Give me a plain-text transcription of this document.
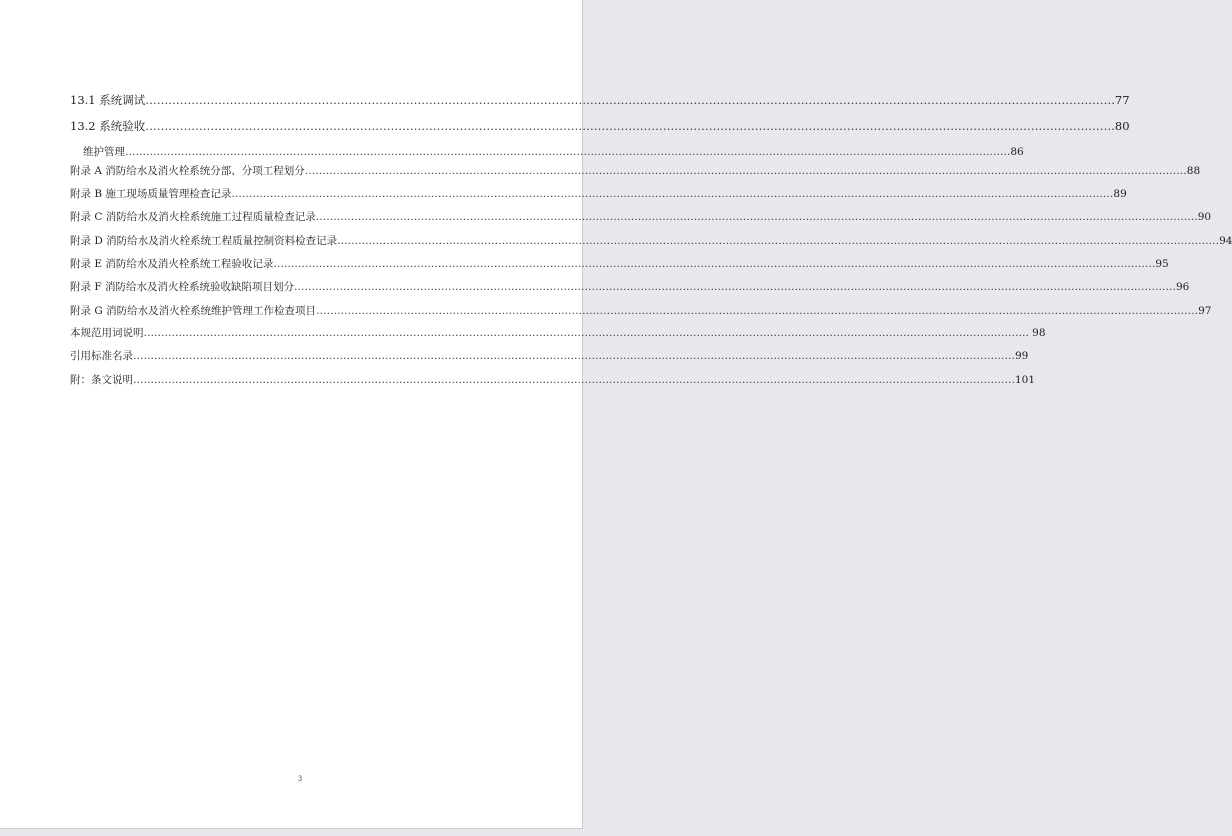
13.1 系统调试 ……………………………………………………………………………………………………………………………………………………………………………………………………………………………… .77
13.2 系统验收 ……………………………………………………………………………………………………………………………………………………………………………………………………………………………… .80
维护管理 ……………………………………………………………………………………………………………………………………………………………………………………………………………………………… .86
附录 A 消防给水及消火栓系统分部、分项工程划分 ……………………………………………………………………………………………………………………………………………………………………………………………………………………………… 88
附录 B 施工现场质量管理检查记录 ……………………………………………………………………………………………………………………………………………………………………………………………………………………………… 89
附录 C 消防给水及消火栓系统施工过程质量检查记录 ……………………………………………………………………………………………………………………………………………………………………………………………………………………………… 90
附录 D 消防给水及消火栓系统工程质量控制资料检查记录 ……………………………………………………………………………………………………………………………………………………………………………………………………………………………… 94
附录 E 消防给水及消火栓系统工程验收记录 ……………………………………………………………………………………………………………………………………………………………………………………………………………………………… 95
附录 F 消防给水及消火栓系统验收缺陷项目划分 ……………………………………………………………………………………………………………………………………………………………………………………………………………………………… 96
附录 G 消防给水及消火栓系统维护管理工作检查项目 ……………………………………………………………………………………………………………………………………………………………………………………………………………………………… 97
本规范用词说明 ……………………………………………………………………………………………………………………………………………………………………………………………………………………………… . 98
引用标准名录 ……………………………………………………………………………………………………………………………………………………………………………………………………………………………… 99
附：条文说明 ……………………………………………………………………………………………………………………………………………………………………………………………………………………………… 101
3
